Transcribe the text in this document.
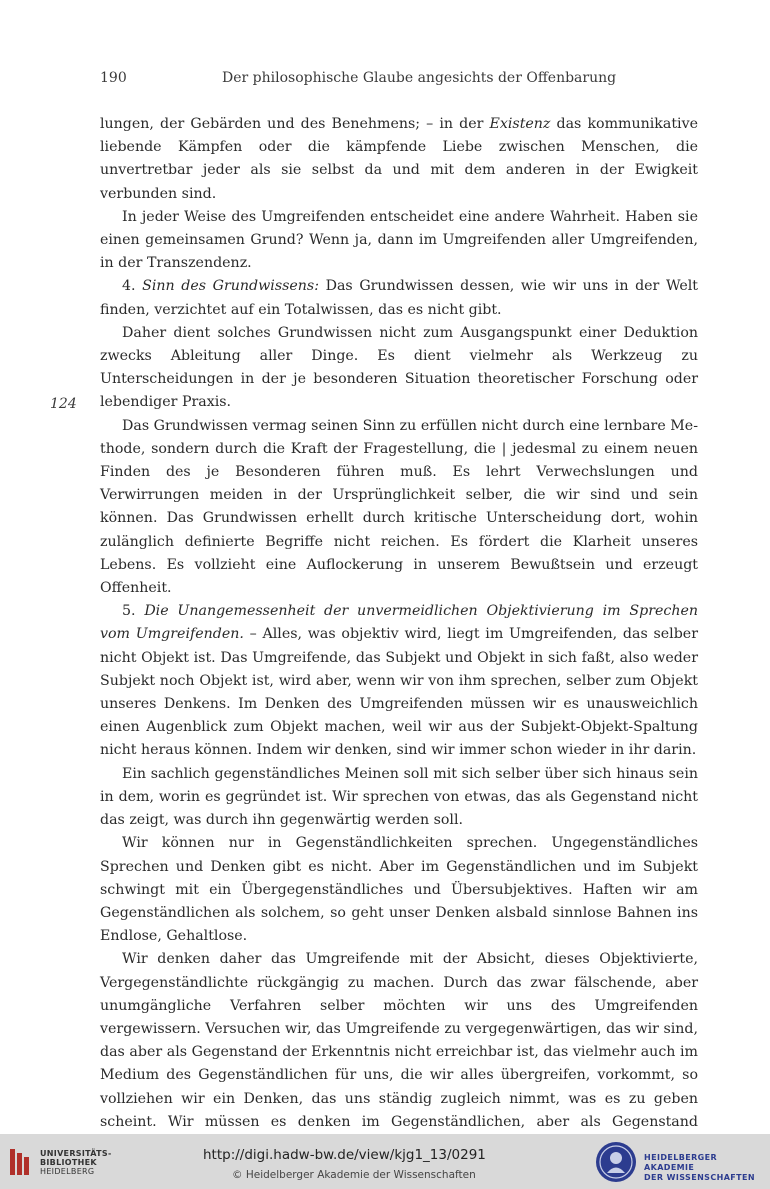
190	Der philosophische Glaube angesichts der Offenbarung
124

lungen, der Gebärden und des Benehmens; – in der Existenz das kommunikative liebende Kämpfen oder die kämpfende Liebe zwischen Menschen, die unvertretbar jeder als sie selbst da und mit dem anderen in der Ewigkeit verbunden sind.

In jeder Weise des Umgreifenden entscheidet eine andere Wahrheit. Haben sie einen gemeinsamen Grund? Wenn ja, dann im Umgreifenden aller Umgreifenden, in der Transzendenz.

4. Sinn des Grundwissens: Das Grundwissen dessen, wie wir uns in der Welt finden, verzichtet auf ein Totalwissen, das es nicht gibt.

Daher dient solches Grundwissen nicht zum Ausgangspunkt einer Deduktion zwecks Ableitung aller Dinge. Es dient vielmehr als Werkzeug zu Unterscheidungen in der je besonderen Situation theoretischer Forschung oder lebendiger Praxis.

Das Grundwissen vermag seinen Sinn zu erfüllen nicht durch eine lernbare Methode, sondern durch die Kraft der Fragestellung, die | jedesmal zu einem neuen Finden des je Besonderen führen muß. Es lehrt Verwechslungen und Verwirrungen meiden in der Ursprünglichkeit selber, die wir sind und sein können. Das Grundwissen erhellt durch kritische Unterscheidung dort, wohin zulänglich definierte Begriffe nicht reichen. Es fördert die Klarheit unseres Lebens. Es vollzieht eine Auflockerung in unserem Bewußtsein und erzeugt Offenheit.

5. Die Unangemessenheit der unvermeidlichen Objektivierung im Sprechen vom Umgreifenden. – Alles, was objektiv wird, liegt im Umgreifenden, das selber nicht Objekt ist. Das Umgreifende, das Subjekt und Objekt in sich faßt, also weder Subjekt noch Objekt ist, wird aber, wenn wir von ihm sprechen, selber zum Objekt unseres Denkens. Im Denken des Umgreifenden müssen wir es unausweichlich einen Augenblick zum Objekt machen, weil wir aus der Subjekt-Objekt-Spaltung nicht heraus können. Indem wir denken, sind wir immer schon wieder in ihr darin.

Ein sachlich gegenständliches Meinen soll mit sich selber über sich hinaus sein in dem, worin es gegründet ist. Wir sprechen von etwas, das als Gegenstand nicht das zeigt, was durch ihn gegenwärtig werden soll.

Wir können nur in Gegenständlichkeiten sprechen. Ungegenständliches Sprechen und Denken gibt es nicht. Aber im Gegenständlichen und im Subjekt schwingt mit ein Übergegenständliches und Übersubjektives. Haften wir am Gegenständlichen als solchem, so geht unser Denken alsbald sinnlose Bahnen ins Endlose, Gehaltlose.

Wir denken daher das Umgreifende mit der Absicht, dieses Objektivierte, Vergegenständlichte rückgängig zu machen. Durch das zwar fälschende, aber unumgängliche Verfahren selber möchten wir uns des Umgreifenden vergewissern. Versuchen wir, das Umgreifende zu vergegenwärtigen, das wir sind, das aber als Gegenstand der Erkenntnis nicht erreichbar ist, das vielmehr auch im Medium des Gegenständlichen für uns, die wir alles übergreifen, vorkommt, so vollziehen wir ein Denken, das uns ständig zugleich nimmt, was es zu geben scheint. Wir müssen es denken im Gegenständlichen, aber als Gegenstand

UNIVERSITÄTS-
BIBLIOTHEK
HEIDELBERG
http://digi.hadw-bw.de/view/kjg1_13/0291
© Heidelberger Akademie der Wissenschaften
HEIDELBERGER AKADEMIE
DER WISSENSCHAFTEN
